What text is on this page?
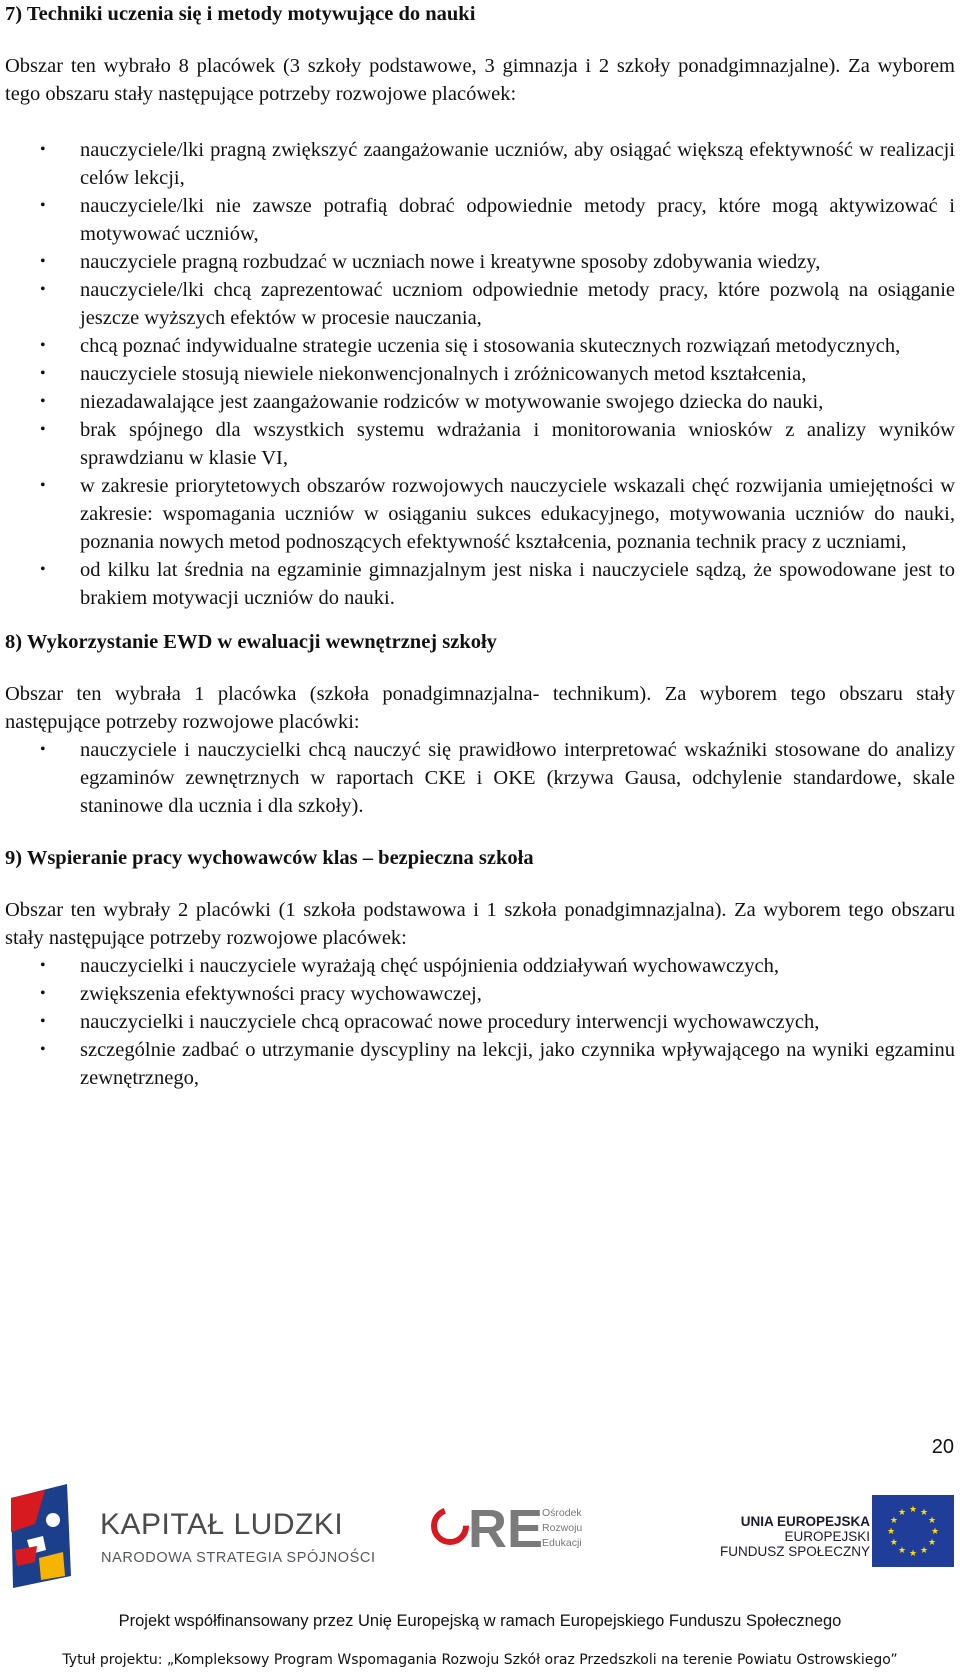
7) Techniki uczenia się i metody motywujące do nauki

Obszar ten wybrało 8 placówek (3 szkoły podstawowe, 3 gimnazja i 2 szkoły ponadgimnazjalne). Za wyborem tego obszaru stały następujące potrzeby rozwojowe placówek:

• nauczyciele/lki pragną zwiększyć zaangażowanie uczniów, aby osiągać większą efektywność w realizacji celów lekcji,
• nauczyciele/lki nie zawsze potrafią dobrać odpowiednie metody pracy, które mogą aktywizować i motywować uczniów,
• nauczyciele pragną rozbudzać w uczniach nowe i kreatywne sposoby zdobywania wiedzy,
• nauczyciele/lki chcą zaprezentować uczniom odpowiednie metody pracy, które pozwolą na osiąganie jeszcze wyższych efektów w procesie nauczania,
• chcą poznać indywidualne strategie uczenia się i stosowania skutecznych rozwiązań metodycznych,
• nauczyciele stosują niewiele niekonwencjonalnych i zróżnicowanych metod kształcenia,
• niezadawalające jest zaangażowanie rodziców w motywowanie swojego dziecka do nauki,
• brak spójnego dla wszystkich systemu wdrażania i monitorowania wniosków z analizy wyników sprawdzianu w klasie VI,
• w zakresie priorytetowych obszarów rozwojowych nauczyciele wskazali chęć rozwijania umiejętności w zakresie: wspomagania uczniów w osiąganiu sukces edukacyjnego, motywowania uczniów do nauki, poznania nowych metod podnoszących efektywność kształcenia, poznania technik pracy z uczniami,
• od kilku lat średnia na egzaminie gimnazjalnym jest niska i nauczyciele sądzą, że spowodowane jest to brakiem motywacji uczniów do nauki.
8) Wykorzystanie EWD w ewaluacji wewnętrznej szkoły

Obszar ten wybrała 1 placówka (szkoła ponadgimnazjalna- technikum). Za wyborem tego obszaru stały następujące potrzeby rozwojowe placówki:

• nauczyciele i nauczycielki chcą nauczyć się prawidłowo interpretować wskaźniki stosowane do analizy egzaminów zewnętrznych w raportach CKE i OKE (krzywa Gausa, odchylenie standardowe, skale staninowe dla ucznia i dla szkoły).
9) Wspieranie pracy wychowawców klas – bezpieczna szkoła

Obszar ten wybrały 2 placówki (1 szkoła podstawowa i 1 szkoła ponadgimnazjalna). Za wyborem tego obszaru stały następujące potrzeby rozwojowe placówek:

• nauczycielki i nauczyciele wyrażają chęć uspójnienia oddziaływań wychowawczych,
• zwiększenia efektywności pracy wychowawczej,
• nauczycielki i nauczyciele chcą opracować nowe procedury interwencji wychowawczych,
• szczególnie zadbać o utrzymanie dyscypliny na lekcji, jako czynnika wpływającego na wyniki egzaminu zewnętrznego,
20
KAPITAŁ LUDZKI
NARODOWA STRATEGIA SPÓJNOŚCI RE
Ośrodek
Rozwoju
Edukacji
UNIA EUROPEJSKA
EUROPEJSKI
FUNDUSZ SPOŁECZNY
★
★
★
★
★
★
★
★
★ ★ ★
★
Projekt współfinansowany przez Unię Europejską w ramach Europejskiego Funduszu Społecznego
Tytuł projektu: „Kompleksowy Program Wspomagania Rozwoju Szkół oraz Przedszkoli na terenie Powiatu Ostrowskiego”
